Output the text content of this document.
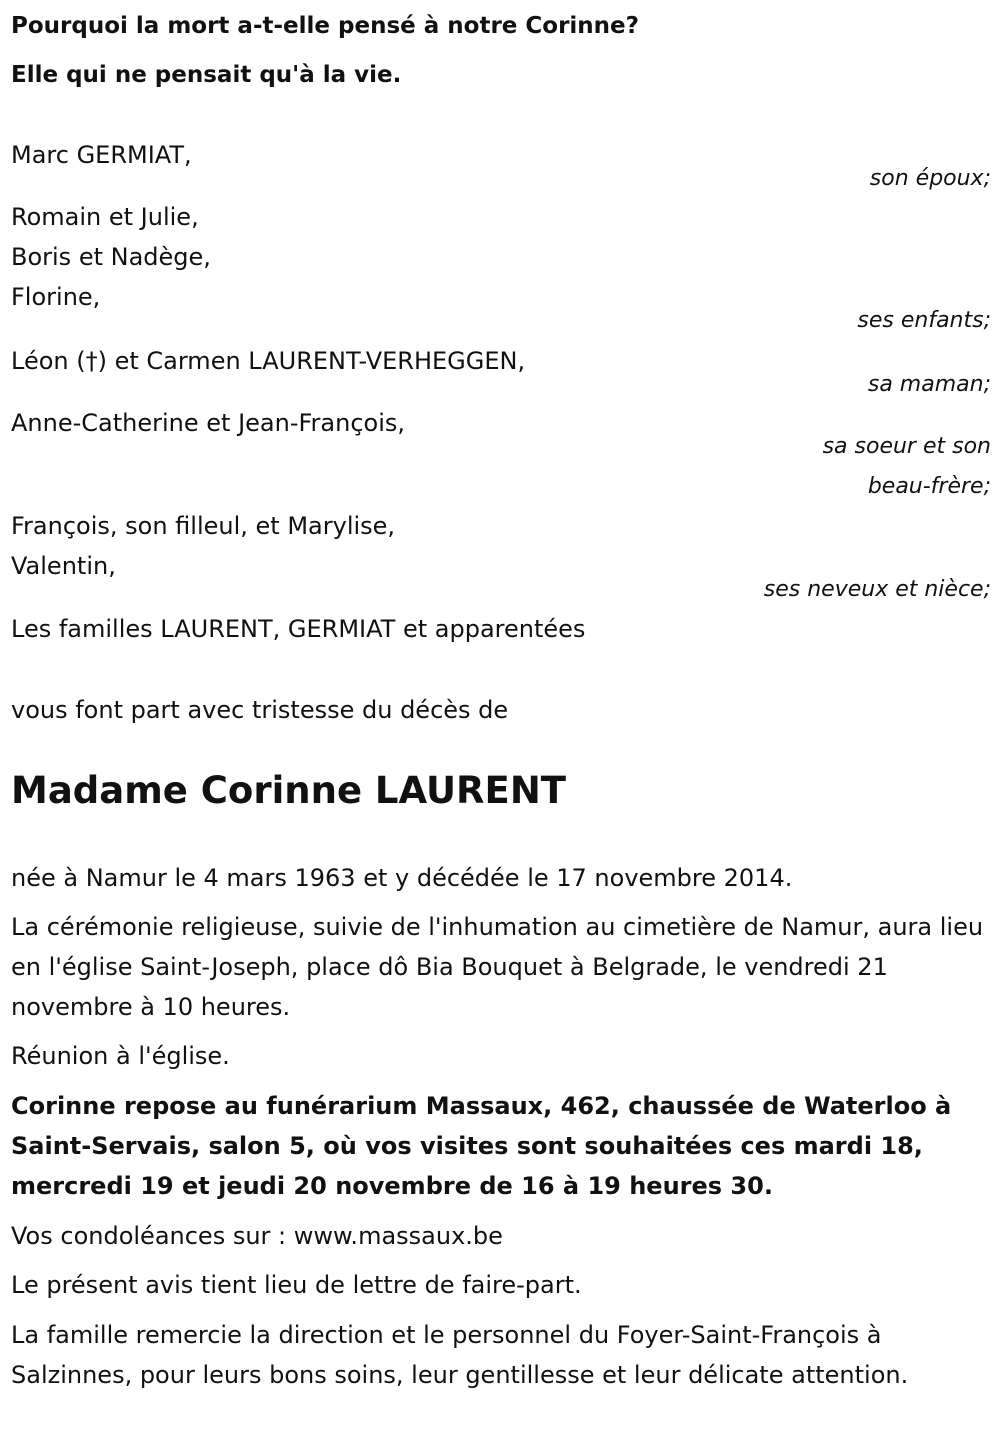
Pourquoi la mort a-t-elle pensé à notre Corinne?
Elle qui ne pensait qu'à la vie.
Marc GERMIAT,
son époux;
Romain et Julie,
Boris et Nadège,
Florine,
ses enfants;
Léon (†) et Carmen LAURENT-VERHEGGEN,
sa maman;
Anne-Catherine et Jean-François,
sa soeur et son
beau-frère;
François, son filleul, et Marylise,
Valentin,
ses neveux et nièce;
Les familles LAURENT, GERMIAT et apparentées
vous font part avec tristesse du décès de
Madame Corinne LAURENT
née à Namur le 4 mars 1963 et y décédée le 17 novembre 2014.
La cérémonie religieuse, suivie de l'inhumation au cimetière de Namur, aura lieu en l'église Saint-Joseph, place dô Bia Bouquet à Belgrade, le vendredi 21 novembre à 10 heures.
Réunion à l'église.
Corinne repose au funérarium Massaux, 462, chaussée de Waterloo à Saint-Servais, salon 5, où vos visites sont souhaitées ces mardi 18, mercredi 19 et jeudi 20 novembre de 16 à 19 heures 30.
Vos condoléances sur : www.massaux.be
Le présent avis tient lieu de lettre de faire-part.
La famille remercie la direction et le personnel du Foyer-Saint-François à Salzinnes, pour leurs bons soins, leur gentillesse et leur délicate attention.
